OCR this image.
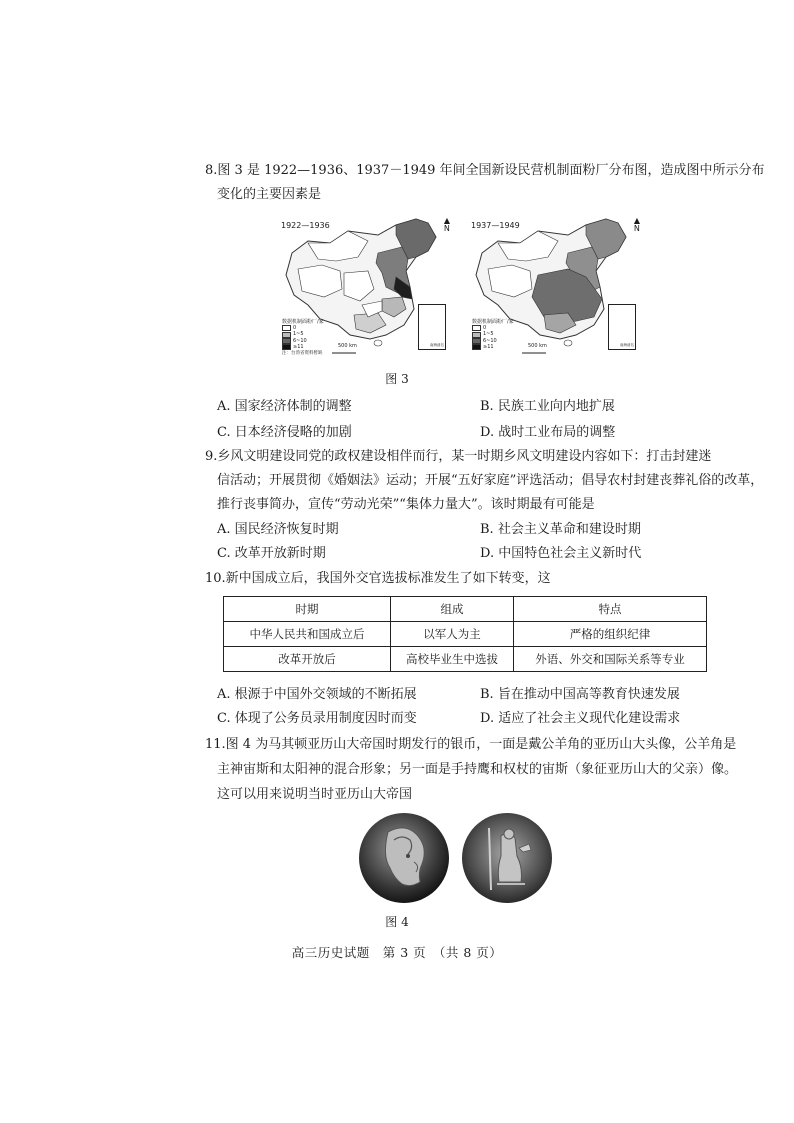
8.图 3 是 1922—1936、1937－1949 年间全国新设民营机制面粉厂分布图，造成图中所示分布
变化的主要因素是
1922—1936
▲
N
数据机制面粉厂/家
0
1~5
6~10
≥11
注：台湾省资料暂缺
500 km	南海诸岛
1937—1949
▲
N
数据机制面粉厂/家
0
1~5
6~10
≥11	500 km	南海诸岛
图 3
A. 国家经济体制的调整	B. 民族工业向内地扩展
C. 日本经济侵略的加剧	D. 战时工业布局的调整
9.乡风文明建设同党的政权建设相伴而行，某一时期乡风文明建设内容如下：打击封建迷
信活动；开展贯彻《婚姻法》运动；开展“五好家庭”评选活动；倡导农村封建丧葬礼俗的改革，
推行丧事简办，宣传“劳动光荣”“集体力量大”。该时期最有可能是
A. 国民经济恢复时期	B. 社会主义革命和建设时期
C. 改革开放新时期	D. 中国特色社会主义新时代
10.新中国成立后，我国外交官选拔标准发生了如下转变，这
时期	组成	特点
中华人民共和国成立后	以军人为主	严格的组织纪律
改革开放后	高校毕业生中选拔	外语、外交和国际关系等专业
A. 根源于中国外交领域的不断拓展	B. 旨在推动中国高等教育快速发展
C. 体现了公务员录用制度因时而变	D. 适应了社会主义现代化建设需求
11.图 4 为马其顿亚历山大帝国时期发行的银币，一面是戴公羊角的亚历山大头像，公羊角是
主神宙斯和太阳神的混合形象；另一面是手持鹰和权杖的宙斯（象征亚历山大的父亲）像。
这可以用来说明当时亚历山大帝国
图 4
高三历史试题　第 3 页　（共 8 页）
